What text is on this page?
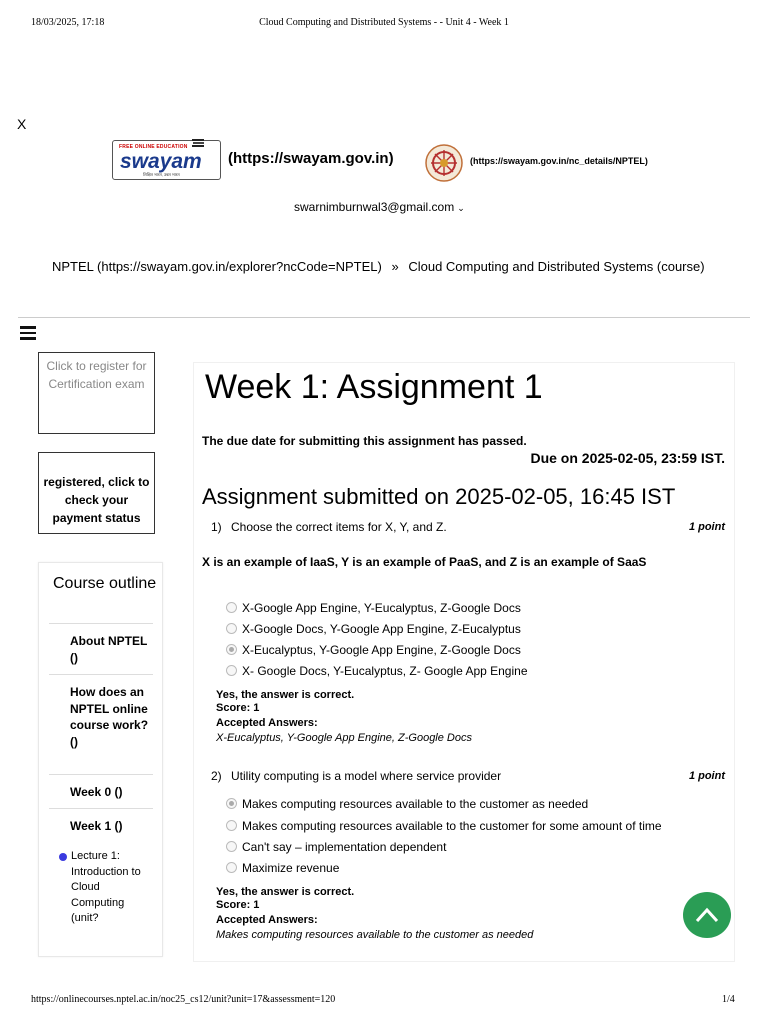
18/03/2025, 17:18	Cloud Computing and Distributed Systems - - Unit 4 - Week 1
X
FREE ONLINE EDUCATION
swayam
शिक्षित भारत, उन्नत भारत
(https://swayam.gov.in)	(https://swayam.gov.in/nc_details/NPTEL)
swarnimburnwal3@gmail.com ⌄
NPTEL (https://swayam.gov.in/explorer?ncCode=NPTEL) » Cloud Computing and Distributed Systems (course)
Click to register for Certification exam
registered, click to check your payment status
Course outline
About NPTEL ()
How does an NPTEL online course work? ()
Week 0 ()
Week 1 ()
Lecture 1: Introduction to Cloud Computing (unit?
Week 1: Assignment 1
The due date for submitting this assignment has passed.
Due on 2025-02-05, 23:59 IST.
Assignment submitted on 2025-02-05, 16:45 IST
1) Choose the correct items for X, Y, and Z.	1 point
X is an example of IaaS, Y is an example of PaaS, and Z is an example of SaaS
X-Google App Engine, Y-Eucalyptus, Z-Google Docs
X-Google Docs, Y-Google App Engine, Z-Eucalyptus
X-Eucalyptus, Y-Google App Engine, Z-Google Docs
X- Google Docs, Y-Eucalyptus, Z- Google App Engine
Yes, the answer is correct.
Score: 1
Accepted Answers:
X-Eucalyptus, Y-Google App Engine, Z-Google Docs
2) Utility computing is a model where service provider	1 point
Makes computing resources available to the customer as needed
Makes computing resources available to the customer for some amount of time
Can't say – implementation dependent
Maximize revenue
Yes, the answer is correct.
Score: 1
Accepted Answers:
Makes computing resources available to the customer as needed
https://onlinecourses.nptel.ac.in/noc25_cs12/unit?unit=17&assessment=120	1/4
